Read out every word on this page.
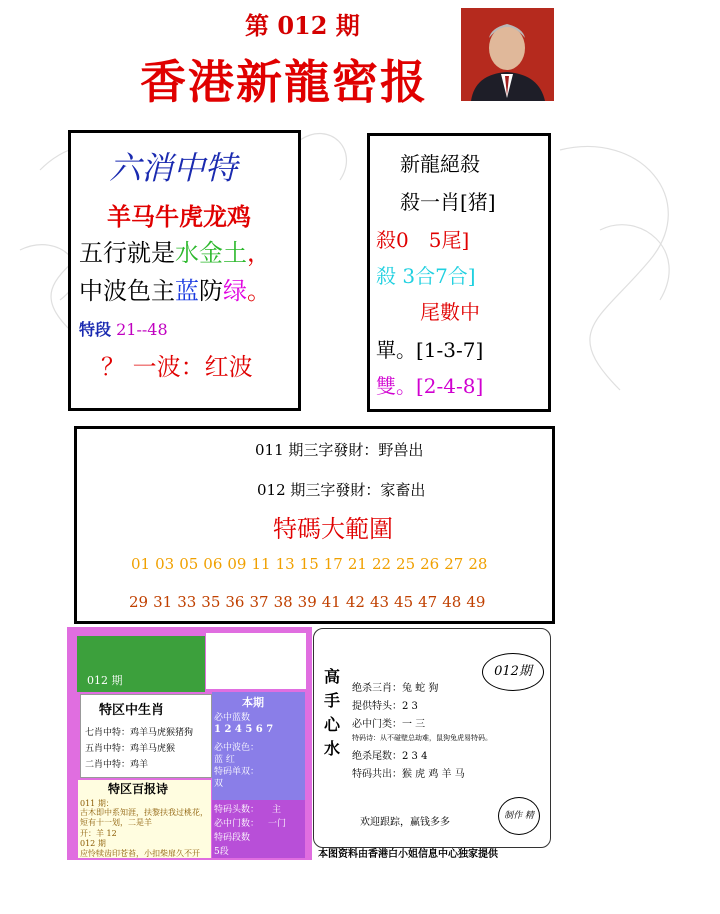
第 012 期
香港新龍密报
六消中特
羊马牛虎龙鸡
五行就是水金土，
中波色主蓝防绿。
特段 21--48
？ 一波：红波
新龍絕殺
殺一肖[猪]
殺0　5尾]
殺 3合7合]
尾數中
單。[1-3-7]
雙。[2-4-8]
011 期三字發財：野兽出
012 期三字發財：家畜出
特碼大範圍
01 03 05 06 09 11 13 15 17 21 22 25 26 27 28
29 31 33 35 36 37 38 39 41 42 43 45 47 48 49
012 期
特区中生肖
七肖中特：鸡羊马虎猴猪狗
五肖中特：鸡羊马虎猴
二肖中特：鸡羊
特区百报诗
011 期：
古木即中系知涯，扶黎扶我过桃花，短有十一划，二是羊
开：羊 12
012 期
应怜犊齿印苍苔，小扣柴扉久不开
本期
必中蓝数
1 2 4 5 6 7
必中波色：
蓝 红
特码单双：
双
特码头数： 主
必中门数： 一门
特码段数
5段
高
手
心
水
012期
绝杀三肖：兔 蛇 狗
提供特头：2 3
必中门类：一 三
特码诗：从不碰壁总劫难，鼠狗兔虎易特码。
绝杀尾数：2 3 4
特码共出：猴 虎 鸡 羊 马
欢迎跟踪，赢钱多多
制作 精
本图资料由香港白小姐信息中心独家提供
